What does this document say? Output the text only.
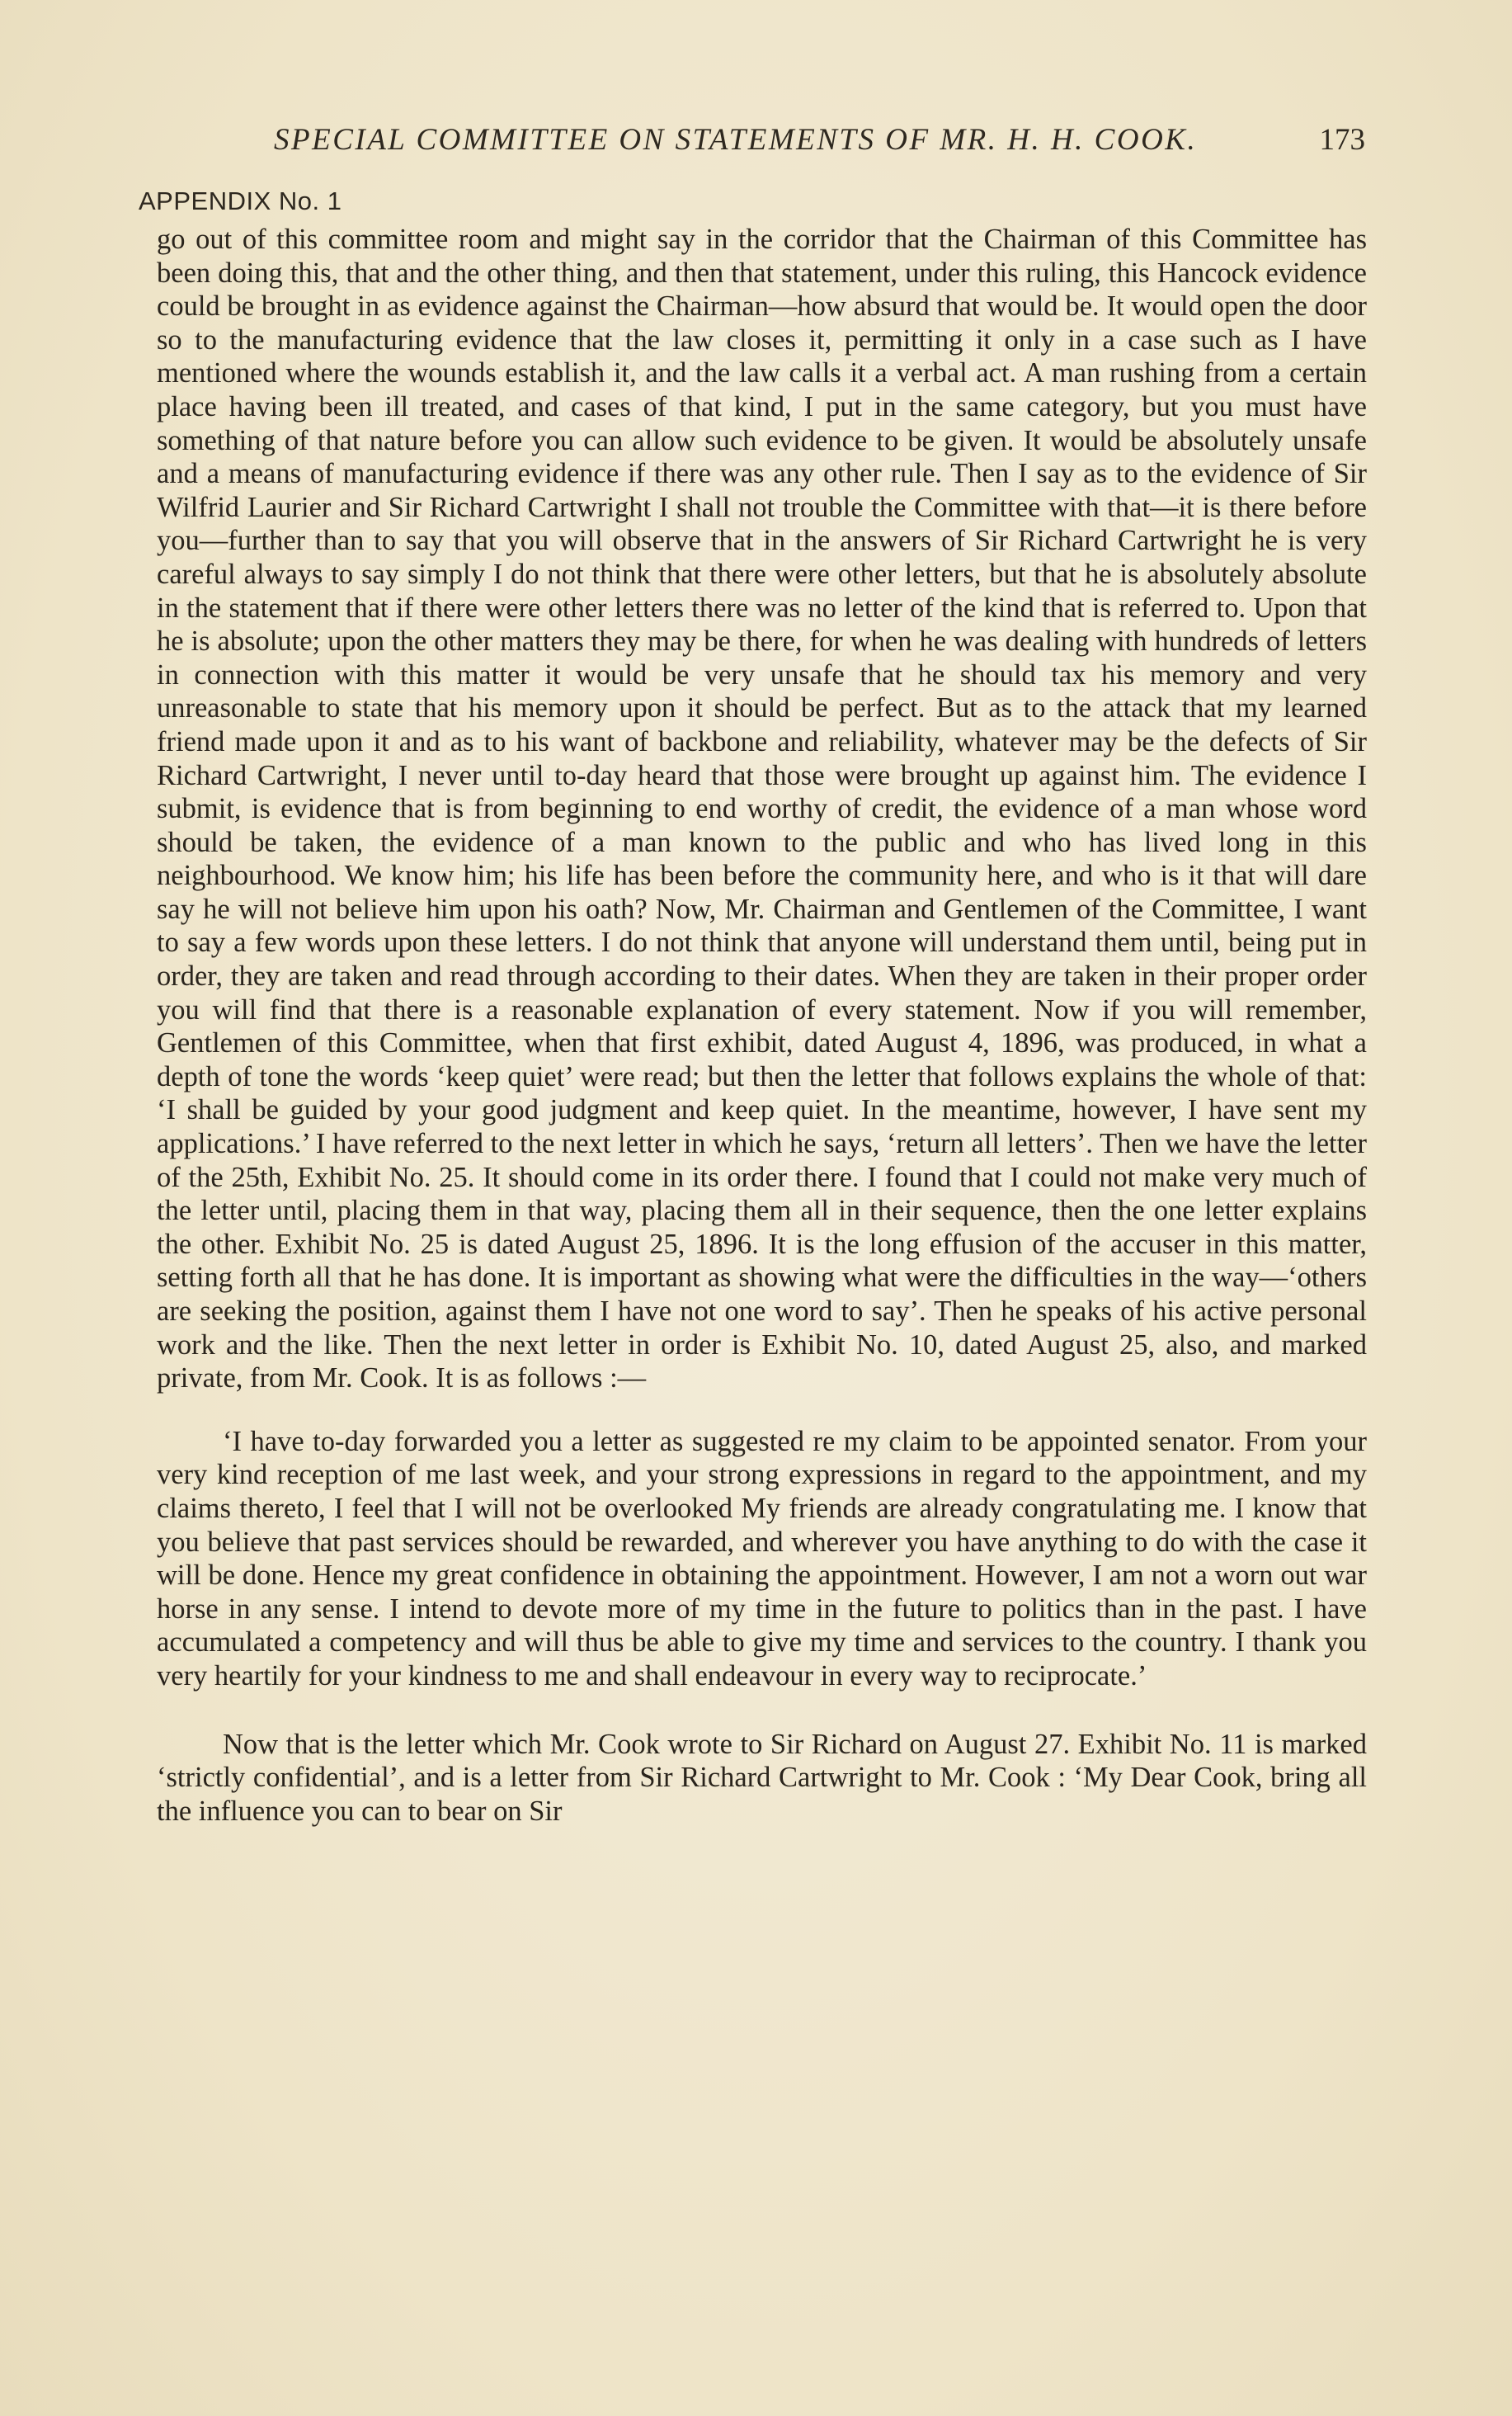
SPECIAL COMMITTEE ON STATEMENTS OF MR. H. H. COOK.	173
APPENDIX No. 1

go out of this committee room and might say in the corridor that the Chairman of this Committee has been doing this, that and the other thing, and then that statement, under this ruling, this Hancock evidence could be brought in as evidence against the Chairman—how absurd that would be. It would open the door so to the manufacturing evidence that the law closes it, permitting it only in a case such as I have mentioned where the wounds establish it, and the law calls it a verbal act. A man rushing from a certain place having been ill treated, and cases of that kind, I put in the same category, but you must have something of that nature before you can allow such evidence to be given. It would be absolutely unsafe and a means of manufacturing evidence if there was any other rule. Then I say as to the evidence of Sir Wilfrid Laurier and Sir Richard Cartwright I shall not trouble the Committee with that—it is there before you—further than to say that you will observe that in the answers of Sir Richard Cartwright he is very careful always to say simply I do not think that there were other letters, but that he is absolutely absolute in the statement that if there were other letters there was no letter of the kind that is referred to. Upon that he is absolute; upon the other matters they may be there, for when he was dealing with hundreds of letters in connection with this matter it would be very unsafe that he should tax his memory and very unreasonable to state that his memory upon it should be perfect. But as to the attack that my learned friend made upon it and as to his want of backbone and reliability, whatever may be the defects of Sir Richard Cartwright, I never until to-day heard that those were brought up against him. The evidence I submit, is evidence that is from beginning to end worthy of credit, the evidence of a man whose word should be taken, the evidence of a man known to the public and who has lived long in this neighbourhood. We know him; his life has been before the community here, and who is it that will dare say he will not believe him upon his oath? Now, Mr. Chairman and Gentlemen of the Committee, I want to say a few words upon these letters. I do not think that anyone will understand them until, being put in order, they are taken and read through according to their dates. When they are taken in their proper order you will find that there is a reasonable explanation of every statement. Now if you will remember, Gentlemen of this Committee, when that first exhibit, dated August 4, 1896, was produced, in what a depth of tone the words ‘keep quiet’ were read; but then the letter that follows explains the whole of that: ‘I shall be guided by your good judgment and keep quiet. In the meantime, however, I have sent my applications.’ I have referred to the next letter in which he says, ‘return all letters’. Then we have the letter of the 25th, Exhibit No. 25. It should come in its order there. I found that I could not make very much of the letter until, placing them in that way, placing them all in their sequence, then the one letter explains the other. Exhibit No. 25 is dated August 25, 1896. It is the long effusion of the accuser in this matter, setting forth all that he has done. It is important as showing what were the difficulties in the way—‘others are seeking the position, against them I have not one word to say’. Then he speaks of his active personal work and the like. Then the next letter in order is Exhibit No. 10, dated August 25, also, and marked private, from Mr. Cook. It is as follows :—

‘I have to-day forwarded you a letter as suggested re my claim to be appointed senator. From your very kind reception of me last week, and your strong expressions in regard to the appointment, and my claims thereto, I feel that I will not be overlooked My friends are already congratulating me. I know that you believe that past services should be rewarded, and wherever you have anything to do with the case it will be done. Hence my great confidence in obtaining the appointment. However, I am not a worn out war horse in any sense. I intend to devote more of my time in the future to politics than in the past. I have accumulated a competency and will thus be able to give my time and services to the country. I thank you very heartily for your kindness to me and shall endeavour in every way to reciprocate.’

Now that is the letter which Mr. Cook wrote to Sir Richard on August 27. Exhibit No. 11 is marked ‘strictly confidential’, and is a letter from Sir Richard Cartwright to Mr. Cook : ‘My Dear Cook, bring all the influence you can to bear on Sir
